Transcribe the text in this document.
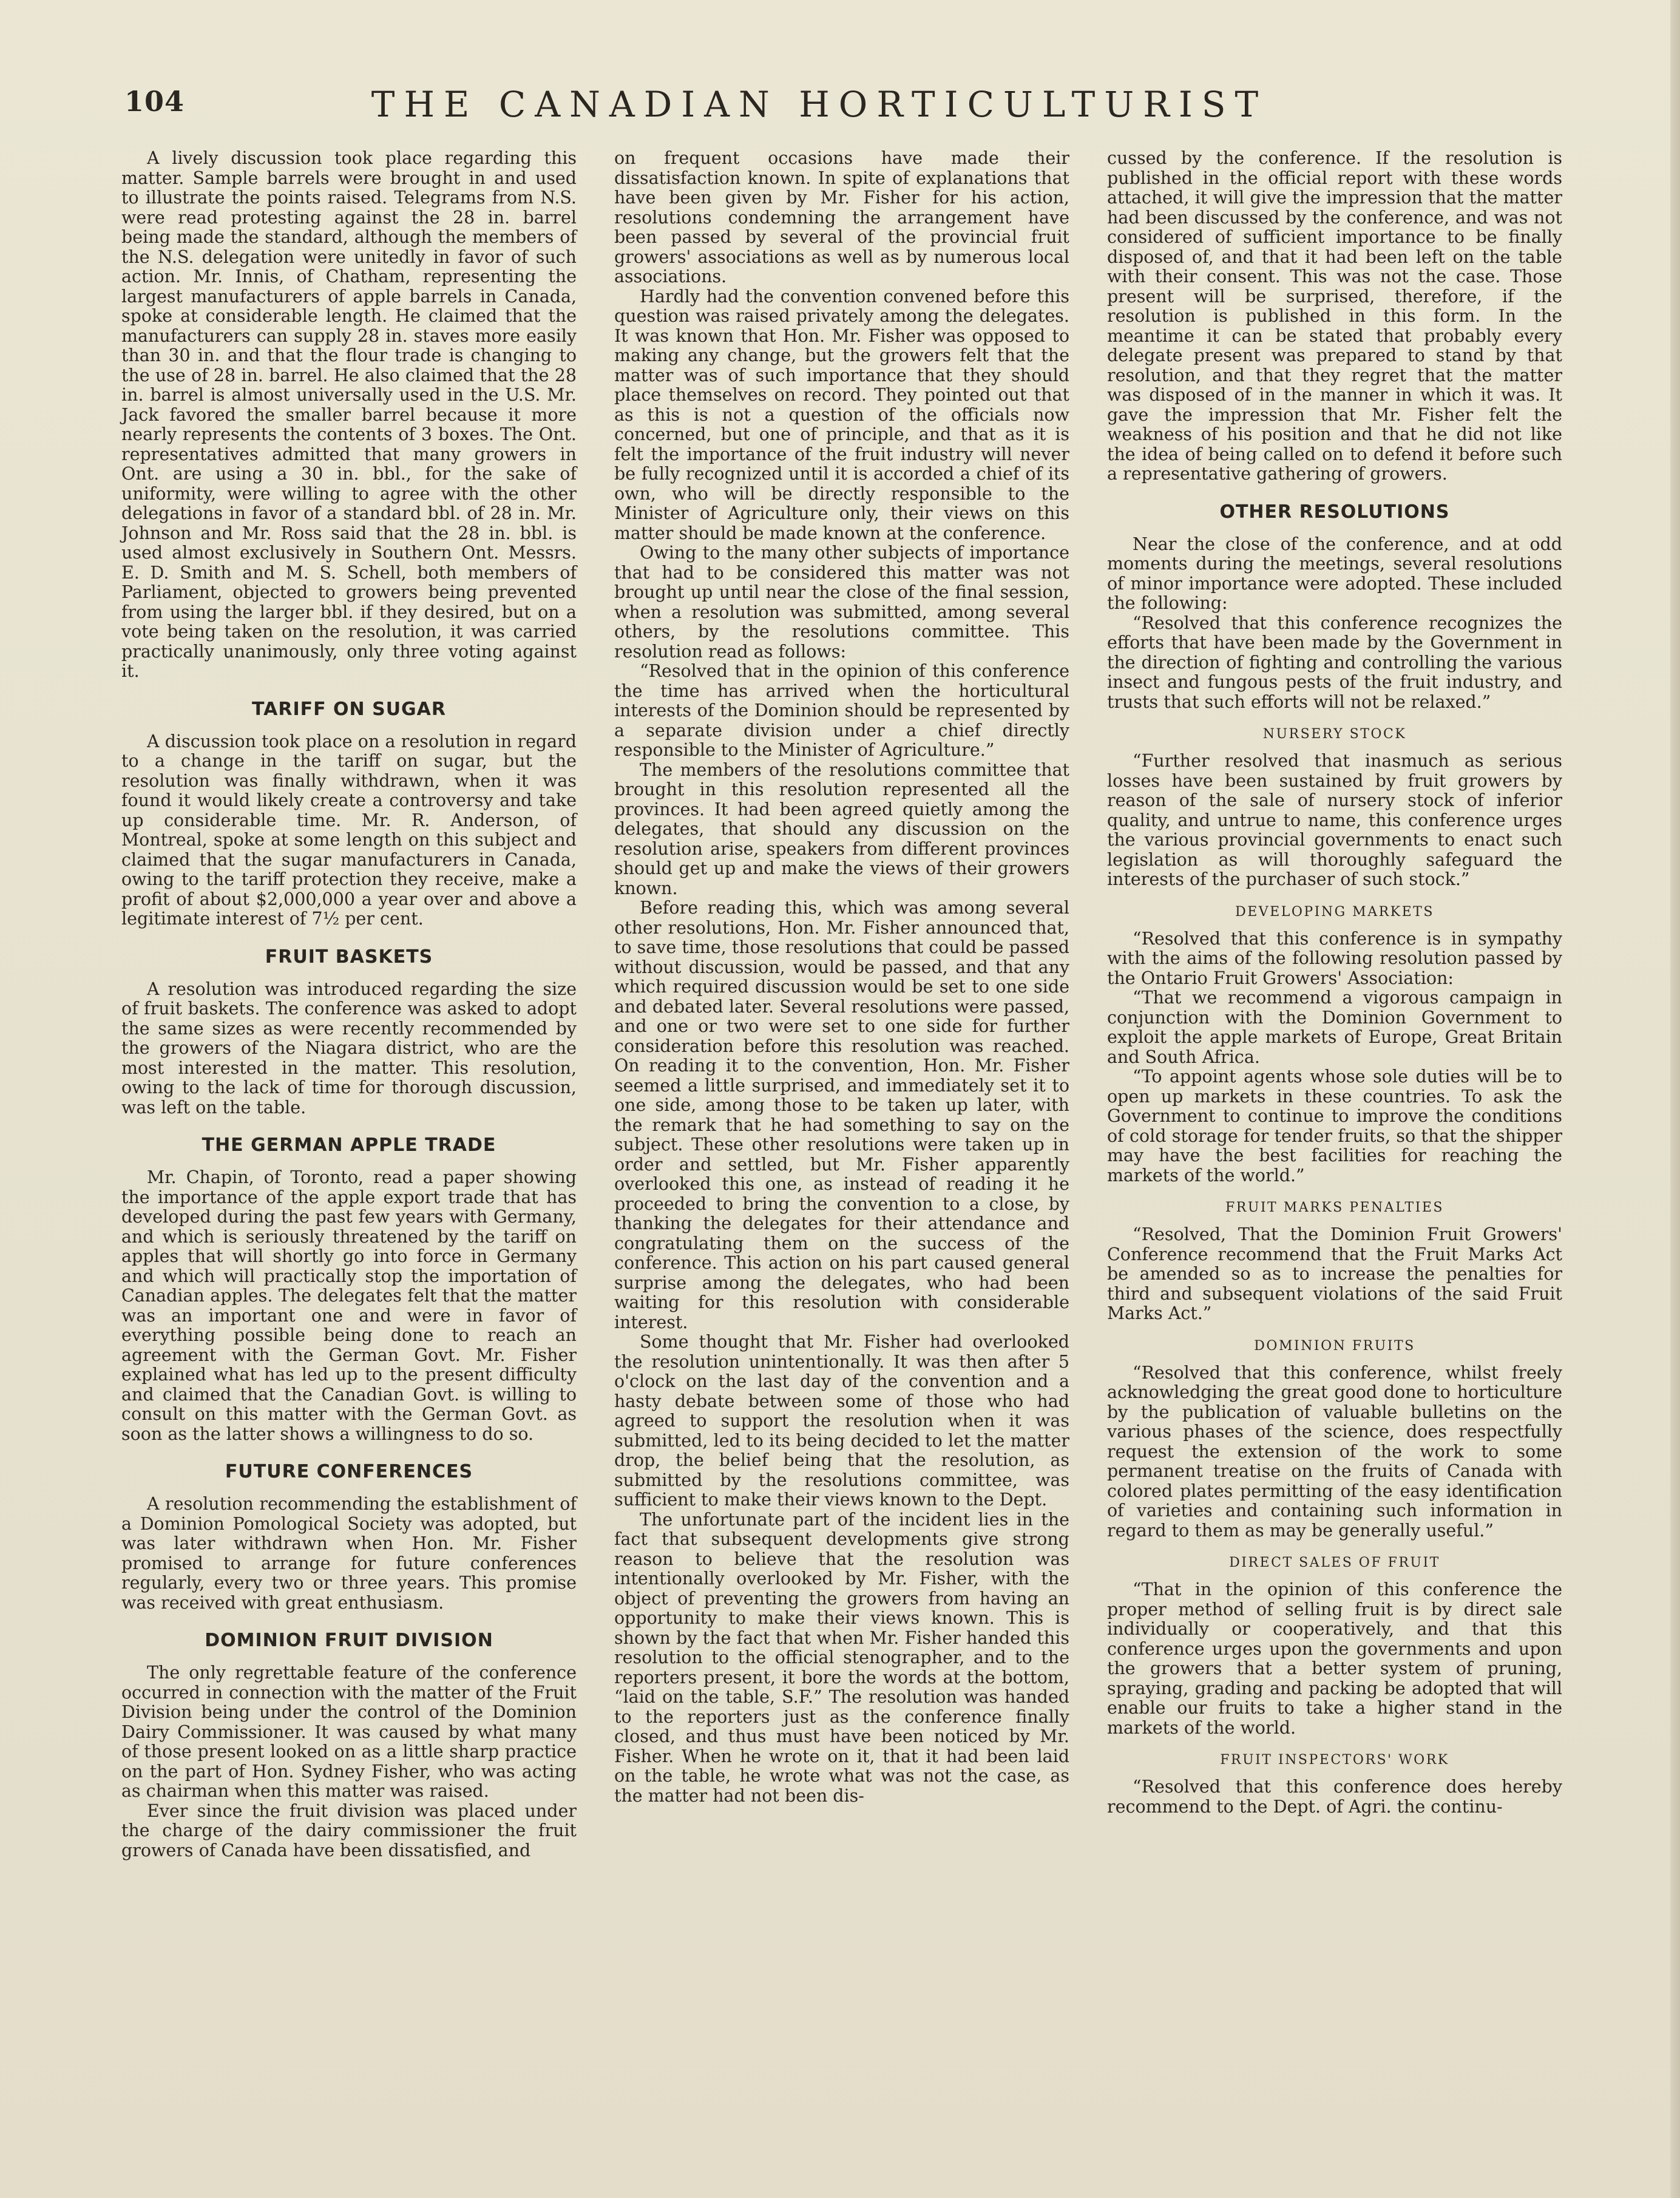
104	THE CANADIAN HORTICULTURIST

A lively discussion took place regarding this matter. Sample barrels were brought in and used to illustrate the points raised. Telegrams from N.S. were read protesting against the 28 in. barrel being made the standard, although the members of the N.S. delegation were unitedly in favor of such action. Mr. Innis, of Chatham, representing the largest manufacturers of apple barrels in Canada, spoke at considerable length. He claimed that the manufacturers can supply 28 in. staves more easily than 30 in. and that the flour trade is changing to the use of 28 in. barrel. He also claimed that the 28 in. barrel is almost universally used in the U.S. Mr. Jack favored the smaller barrel because it more nearly represents the contents of 3 boxes. The Ont. representatives admitted that many growers in Ont. are using a 30 in. bbl., for the sake of uniformity, were willing to agree with the other delegations in favor of a standard bbl. of 28 in. Mr. Johnson and Mr. Ross said that the 28 in. bbl. is used almost exclusively in Southern Ont. Messrs. E. D. Smith and M. S. Schell, both members of Parliament, objected to growers being prevented from using the larger bbl. if they desired, but on a vote being taken on the resolution, it was carried practically unanimously, only three voting against it.

TARIFF ON SUGAR

A discussion took place on a resolution in regard to a change in the tariff on sugar, but the resolution was finally withdrawn, when it was found it would likely create a controversy and take up considerable time. Mr. R. Anderson, of Montreal, spoke at some length on this subject and claimed that the sugar manufacturers in Canada, owing to the tariff protection they receive, make a profit of about $2,000,000 a year over and above a legitimate interest of 7½ per cent.

FRUIT BASKETS

A resolution was introduced regarding the size of fruit baskets. The conference was asked to adopt the same sizes as were recently recommended by the growers of the Niagara district, who are the most interested in the matter. This resolution, owing to the lack of time for thorough discussion, was left on the table.

THE GERMAN APPLE TRADE

Mr. Chapin, of Toronto, read a paper showing the importance of the apple export trade that has developed during the past few years with Germany, and which is seriously threatened by the tariff on apples that will shortly go into force in Germany and which will practically stop the importation of Canadian apples. The delegates felt that the matter was an important one and were in favor of everything possible being done to reach an agreement with the German Govt. Mr. Fisher explained what has led up to the present difficulty and claimed that the Canadian Govt. is willing to consult on this matter with the German Govt. as soon as the latter shows a willingness to do so.

FUTURE CONFERENCES

A resolution recommending the establishment of a Dominion Pomological Society was adopted, but was later withdrawn when Hon. Mr. Fisher promised to arrange for future conferences regularly, every two or three years. This promise was received with great enthusiasm.

DOMINION FRUIT DIVISION

The only regrettable feature of the conference occurred in connection with the matter of the Fruit Division being under the control of the Dominion Dairy Commissioner. It was caused by what many of those present looked on as a little sharp practice on the part of Hon. Sydney Fisher, who was acting as chairman when this matter was raised.

Ever since the fruit division was placed under the charge of the dairy commissioner the fruit growers of Canada have been dissatisfied, and

on frequent occasions have made their dissatisfaction known. In spite of explanations that have been given by Mr. Fisher for his action, resolutions condemning the arrangement have been passed by several of the provincial fruit growers' associations as well as by numerous local associations.

Hardly had the convention convened before this question was raised privately among the delegates. It was known that Hon. Mr. Fisher was opposed to making any change, but the growers felt that the matter was of such importance that they should place themselves on record. They pointed out that as this is not a question of the officials now concerned, but one of principle, and that as it is felt the importance of the fruit industry will never be fully recognized until it is accorded a chief of its own, who will be directly responsible to the Minister of Agriculture only, their views on this matter should be made known at the conference.

Owing to the many other subjects of importance that had to be considered this matter was not brought up until near the close of the final session, when a resolution was submitted, among several others, by the resolutions committee. This resolution read as follows:

“Resolved that in the opinion of this conference the time has arrived when the horticultural interests of the Dominion should be represented by a separate division under a chief directly responsible to the Minister of Agriculture.”

The members of the resolutions committee that brought in this resolution represented all the provinces. It had been agreed quietly among the delegates, that should any discussion on the resolution arise, speakers from different provinces should get up and make the views of their growers known.

Before reading this, which was among several other resolutions, Hon. Mr. Fisher announced that, to save time, those resolutions that could be passed without discussion, would be passed, and that any which required discussion would be set to one side and debated later. Several resolutions were passed, and one or two were set to one side for further consideration before this resolution was reached. On reading it to the convention, Hon. Mr. Fisher seemed a little surprised, and immediately set it to one side, among those to be taken up later, with the remark that he had something to say on the subject. These other resolutions were taken up in order and settled, but Mr. Fisher apparently overlooked this one, as instead of reading it he proceeded to bring the convention to a close, by thanking the delegates for their attendance and congratulating them on the success of the conference. This action on his part caused general surprise among the delegates, who had been waiting for this resolution with considerable interest.

Some thought that Mr. Fisher had overlooked the resolution unintentionally. It was then after 5 o'clock on the last day of the convention and a hasty debate between some of those who had agreed to support the resolution when it was submitted, led to its being decided to let the matter drop, the belief being that the resolution, as submitted by the resolutions committee, was sufficient to make their views known to the Dept.

The unfortunate part of the incident lies in the fact that subsequent developments give strong reason to believe that the resolution was intentionally overlooked by Mr. Fisher, with the object of preventing the growers from having an opportunity to make their views known. This is shown by the fact that when Mr. Fisher handed this resolution to the official stenographer, and to the reporters present, it bore the words at the bottom, “laid on the table, S.F.” The resolution was handed to the reporters just as the conference finally closed, and thus must have been noticed by Mr. Fisher. When he wrote on it, that it had been laid on the table, he wrote what was not the case, as the matter had not been dis-

cussed by the conference. If the resolution is published in the official report with these words attached, it will give the impression that the matter had been discussed by the conference, and was not considered of sufficient importance to be finally disposed of, and that it had been left on the table with their consent. This was not the case. Those present will be surprised, therefore, if the resolution is published in this form. In the meantime it can be stated that probably every delegate present was prepared to stand by that resolution, and that they regret that the matter was disposed of in the manner in which it was. It gave the impression that Mr. Fisher felt the weakness of his position and that he did not like the idea of being called on to defend it before such a representative gathering of growers.

OTHER RESOLUTIONS

Near the close of the conference, and at odd moments during the meetings, several resolutions of minor importance were adopted. These included the following:

“Resolved that this conference recognizes the efforts that have been made by the Government in the direction of fighting and controlling the various insect and fungous pests of the fruit industry, and trusts that such efforts will not be relaxed.”

NURSERY STOCK

“Further resolved that inasmuch as serious losses have been sustained by fruit growers by reason of the sale of nursery stock of inferior quality, and untrue to name, this conference urges the various provincial governments to enact such legislation as will thoroughly safeguard the interests of the purchaser of such stock.”

DEVELOPING MARKETS

“Resolved that this conference is in sympathy with the aims of the following resolution passed by the Ontario Fruit Growers' Association:

“That we recommend a vigorous campaign in conjunction with the Dominion Government to exploit the apple markets of Europe, Great Britain and South Africa.

“To appoint agents whose sole duties will be to open up markets in these countries. To ask the Government to continue to improve the conditions of cold storage for tender fruits, so that the shipper may have the best facilities for reaching the markets of the world.”

FRUIT MARKS PENALTIES

“Resolved, That the Dominion Fruit Growers' Conference recommend that the Fruit Marks Act be amended so as to increase the penalties for third and subsequent violations of the said Fruit Marks Act.”

DOMINION FRUITS

“Resolved that this conference, whilst freely acknowledging the great good done to horticulture by the publication of valuable bulletins on the various phases of the science, does respectfully request the extension of the work to some permanent treatise on the fruits of Canada with colored plates permitting of the easy identification of varieties and containing such information in regard to them as may be generally useful.”

DIRECT SALES OF FRUIT

“That in the opinion of this conference the proper method of selling fruit is by direct sale individually or cooperatively, and that this conference urges upon the governments and upon the growers that a better system of pruning, spraying, grading and packing be adopted that will enable our fruits to take a higher stand in the markets of the world.

FRUIT INSPECTORS' WORK

“Resolved that this conference does hereby recommend to the Dept. of Agri. the continu-
